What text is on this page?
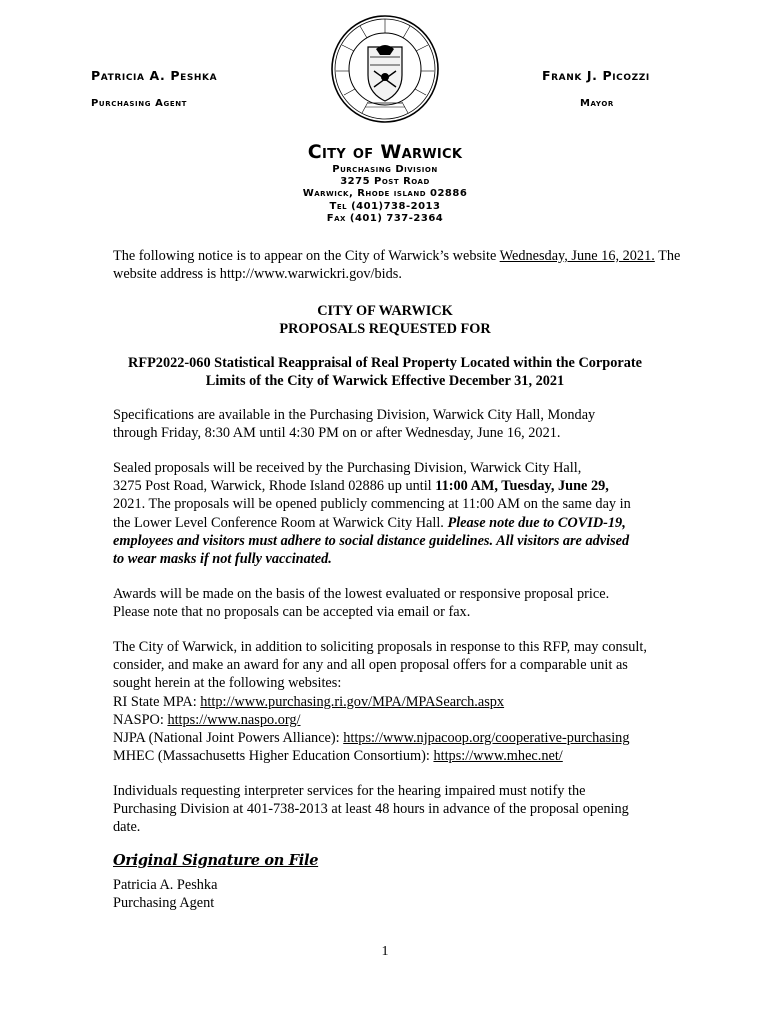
Patricia A. Peshka
Purchasing Agent
Frank J. Picozzi
Mayor
City of Warwick
Purchasing Division
3275 Post Road
Warwick, Rhode island 02886
Tel (401)738-2013
Fax (401) 737-2364
The following notice is to appear on the City of Warwick’s website Wednesday, June 16, 2021. The website address is http://www.warwickri.gov/bids.
CITY OF WARWICK
PROPOSALS REQUESTED FOR
RFP2022-060 Statistical Reappraisal of Real Property Located within the Corporate
Limits of the City of Warwick Effective December 31, 2021
Specifications are available in the Purchasing Division, Warwick City Hall, Monday
through Friday, 8:30 AM until 4:30 PM on or after Wednesday, June 16, 2021.
Sealed proposals will be received by the Purchasing Division, Warwick City Hall,
3275 Post Road, Warwick, Rhode Island 02886 up until 11:00 AM, Tuesday, June 29,
2021. The proposals will be opened publicly commencing at 11:00 AM on the same day in
the Lower Level Conference Room at Warwick City Hall. Please note due to COVID-19,
employees and visitors must adhere to social distance guidelines. All visitors are advised
to wear masks if not fully vaccinated.
Awards will be made on the basis of the lowest evaluated or responsive proposal price.
Please note that no proposals can be accepted via email or fax.
The City of Warwick, in addition to soliciting proposals in response to this RFP, may consult,
consider, and make an award for any and all open proposal offers for a comparable unit as
sought herein at the following websites:
RI State MPA: http://www.purchasing.ri.gov/MPA/MPASearch.aspx
NASPO: https://www.naspo.org/
NJPA (National Joint Powers Alliance): https://www.njpacoop.org/cooperative-purchasing
MHEC (Massachusetts Higher Education Consortium): https://www.mhec.net/
Individuals requesting interpreter services for the hearing impaired must notify the
Purchasing Division at 401-738-2013 at least 48 hours in advance of the proposal opening
date.
Original Signature on File
Patricia A. Peshka
Purchasing Agent
1
